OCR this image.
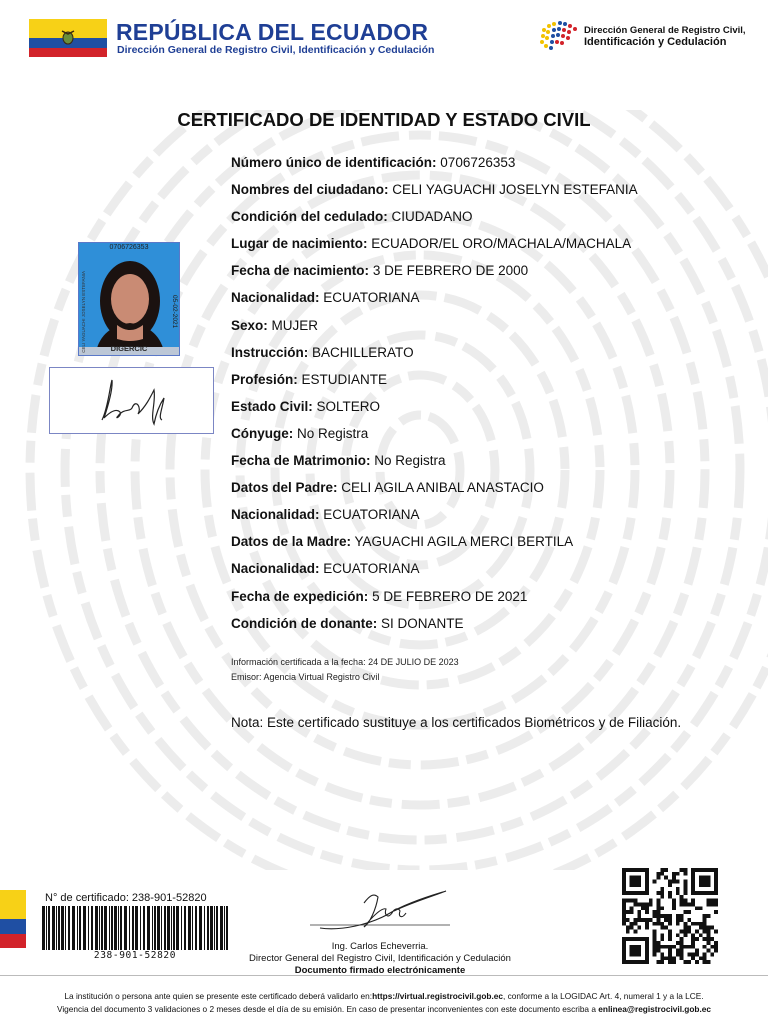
REPÚBLICA DEL ECUADOR
Dirección General de Registro Civil, Identificación y Cedulación
Dirección General de Registro Civil,
Identificación y Cedulación
CERTIFICADO DE IDENTIDAD Y ESTADO CIVIL
0706726353
CELI YAGUACHI JOSELYN ESTEFANIA	05-02-2021
DIGERCIC
Número único de identificación: 0706726353
Nombres del ciudadano: CELI YAGUACHI JOSELYN ESTEFANIA
Condición del cedulado: CIUDADANO
Lugar de nacimiento: ECUADOR/EL ORO/MACHALA/MACHALA
Fecha de nacimiento: 3 DE FEBRERO DE 2000
Nacionalidad: ECUATORIANA
Sexo: MUJER
Instrucción: BACHILLERATO
Profesión: ESTUDIANTE
Estado Civil: SOLTERO
Cónyuge: No Registra
Fecha de Matrimonio: No Registra
Datos del Padre: CELI AGILA ANIBAL ANASTACIO
Nacionalidad: ECUATORIANA
Datos de la Madre: YAGUACHI AGILA MERCI BERTILA
Nacionalidad: ECUATORIANA
Fecha de expedición: 5 DE FEBRERO DE 2021
Condición de donante: SI DONANTE
Información certificada a la fecha: 24 DE JULIO DE 2023
Emisor: Agencia Virtual Registro Civil
Nota: Este certificado sustituye a los certificados Biométricos y de Filiación.
N° de certificado: 238-901-52820
238-901-52820
Ing. Carlos Echeverria.
Director General del Registro Civil, Identificación y Cedulación
Documento firmado electrónicamente
La institución o persona ante quien se presente este certificado deberá validarlo en:https://virtual.registrocivil.gob.ec, conforme a la LOGIDAC Art. 4, numeral 1 y a la LCE.
Vigencia del documento 3 validaciones o 2 meses desde el día de su emisión. En caso de presentar inconvenientes con este documento escriba a enlinea@registrocivil.gob.ec
